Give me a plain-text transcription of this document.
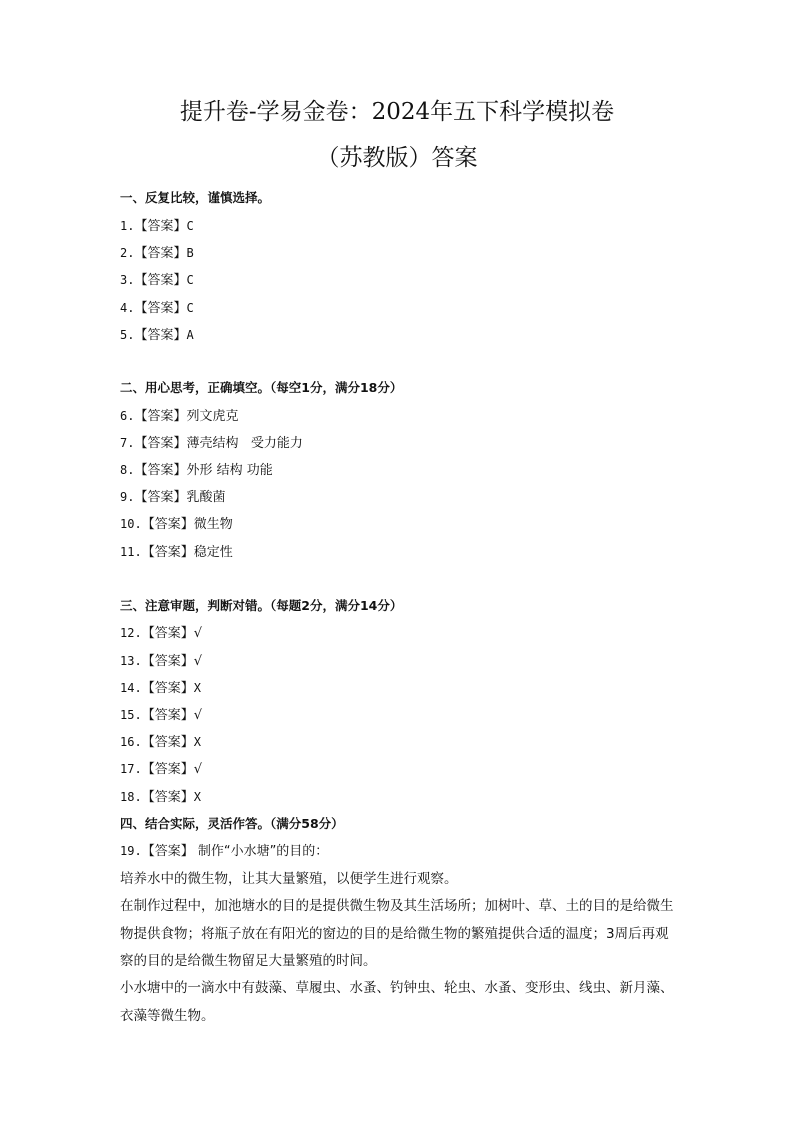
提升卷-学易金卷：2024年五下科学模拟卷
（苏教版）答案
一、反复比较，谨慎选择。
1.【答案】C
2.【答案】B
3.【答案】C
4.【答案】C
5.【答案】A
二、用心思考，正确填空。（每空1分，满分18分）
6.【答案】列文虎克
7.【答案】薄壳结构   受力能力
8.【答案】外形 结构 功能
9.【答案】乳酸菌
10.【答案】微生物
11.【答案】稳定性
三、注意审题，判断对错。（每题2分，满分14分）
12.【答案】√
13.【答案】√
14.【答案】X
15.【答案】√
16.【答案】X
17.【答案】√
18.【答案】X
四、结合实际，灵活作答。（满分58分）
19.【答案】 制作“小水塘”的目的：
培养水中的微生物，让其大量繁殖，以便学生进行观察。
在制作过程中，加池塘水的目的是提供微生物及其生活场所；加树叶、草、土的目的是给微生物提供食物；将瓶子放在有阳光的窗边的目的是给微生物的繁殖提供合适的温度；3周后再观察的目的是给微生物留足大量繁殖的时间。
小水塘中的一滴水中有鼓藻、草履虫、水蚤、钓钟虫、轮虫、水蚤、变形虫、线虫、新月藻、衣藻等微生物。
